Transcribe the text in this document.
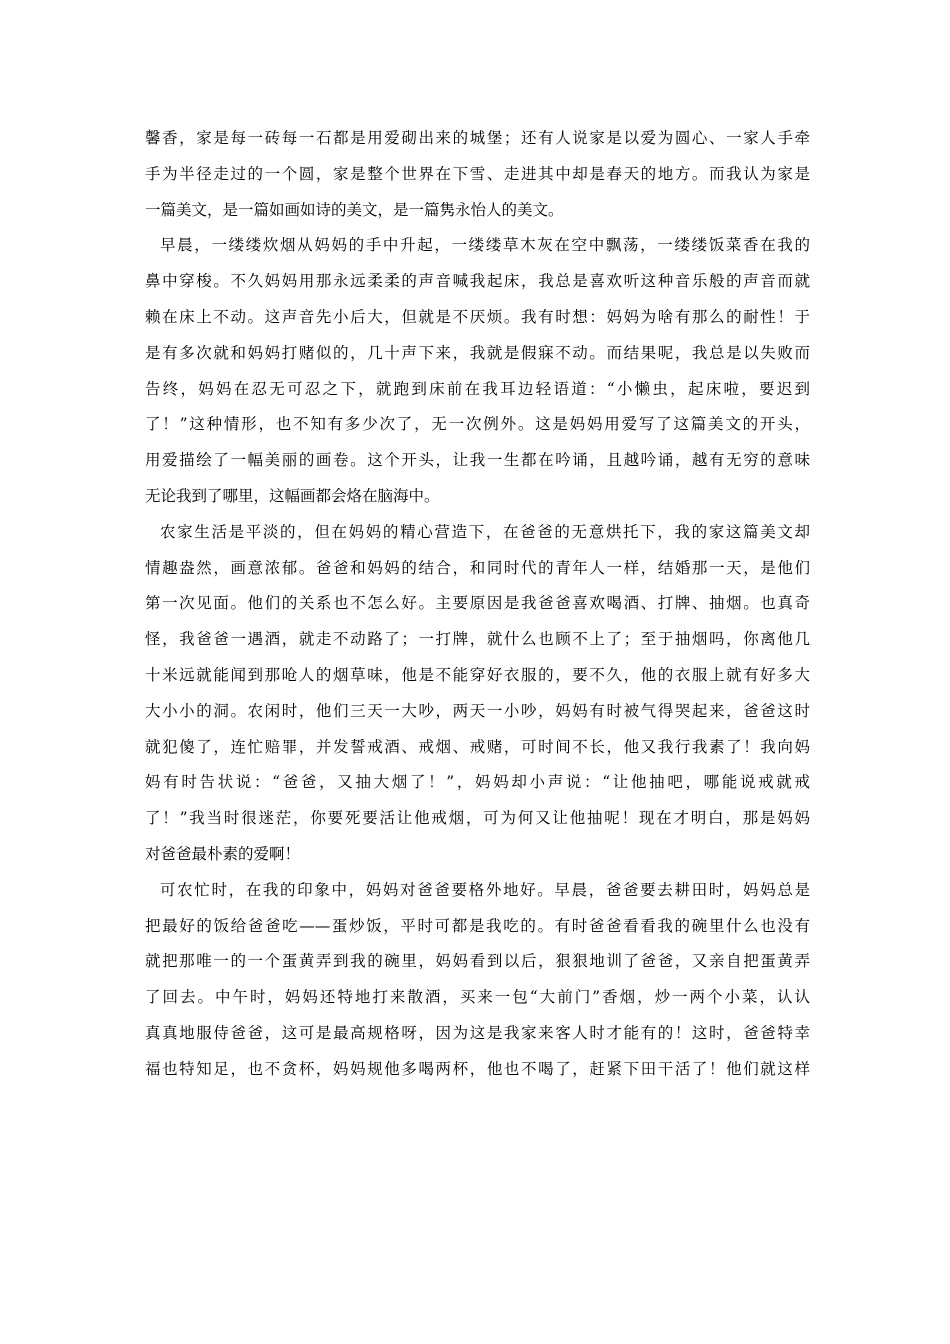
馨香，家是每一砖每一石都是用爱砌出来的城堡；还有人说家是以爱为圆心、一家人手牵
手为半径走过的一个圆，家是整个世界在下雪、走进其中却是春天的地方。而我认为家是
一篇美文，是一篇如画如诗的美文，是一篇隽永怡人的美文。
早晨，一缕缕炊烟从妈妈的手中升起，一缕缕草木灰在空中飘荡，一缕缕饭菜香在我的
鼻中穿梭。不久妈妈用那永远柔柔的声音喊我起床，我总是喜欢听这种音乐般的声音而就
赖在床上不动。这声音先小后大，但就是不厌烦。我有时想：妈妈为啥有那么的耐性！于
是有多次就和妈妈打赌似的，几十声下来，我就是假寐不动。而结果呢，我总是以失败而
告终，妈妈在忍无可忍之下，就跑到床前在我耳边轻语道：“小懒虫，起床啦，要迟到
了！”这种情形，也不知有多少次了，无一次例外。这是妈妈用爱写了这篇美文的开头，
用爱描绘了一幅美丽的画卷。这个开头，让我一生都在吟诵，且越吟诵，越有无穷的意味
无论我到了哪里，这幅画都会烙在脑海中。
农家生活是平淡的，但在妈妈的精心营造下，在爸爸的无意烘托下，我的家这篇美文却
情趣盎然，画意浓郁。爸爸和妈妈的结合，和同时代的青年人一样，结婚那一天，是他们
第一次见面。他们的关系也不怎么好。主要原因是我爸爸喜欢喝酒、打牌、抽烟。也真奇
怪，我爸爸一遇酒，就走不动路了；一打牌，就什么也顾不上了；至于抽烟吗，你离他几
十米远就能闻到那呛人的烟草味，他是不能穿好衣服的，要不久，他的衣服上就有好多大
大小小的洞。农闲时，他们三天一大吵，两天一小吵，妈妈有时被气得哭起来，爸爸这时
就犯傻了，连忙赔罪，并发誓戒酒、戒烟、戒赌，可时间不长，他又我行我素了！我向妈
妈有时告状说：“爸爸，又抽大烟了！”，妈妈却小声说：“让他抽吧，哪能说戒就戒
了！”我当时很迷茫，你要死要活让他戒烟，可为何又让他抽呢！现在才明白，那是妈妈
对爸爸最朴素的爱啊！
可农忙时，在我的印象中，妈妈对爸爸要格外地好。早晨，爸爸要去耕田时，妈妈总是
把最好的饭给爸爸吃——蛋炒饭，平时可都是我吃的。有时爸爸看看我的碗里什么也没有
就把那唯一的一个蛋黄弄到我的碗里，妈妈看到以后，狠狠地训了爸爸，又亲自把蛋黄弄
了回去。中午时，妈妈还特地打来散酒，买来一包“大前门”香烟，炒一两个小菜，认认
真真地服侍爸爸，这可是最高规格呀，因为这是我家来客人时才能有的！这时，爸爸特幸
福也特知足，也不贪杯，妈妈规他多喝两杯，他也不喝了，赶紧下田干活了！他们就这样
